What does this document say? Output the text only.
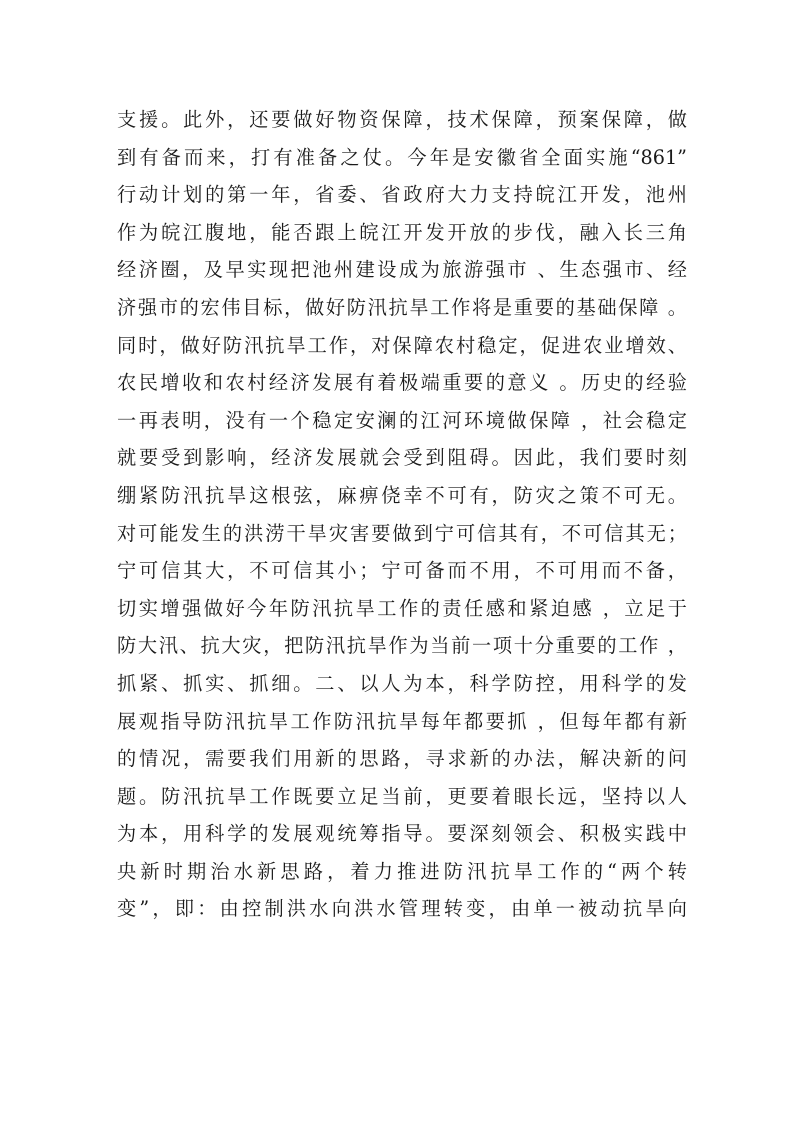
支援。此外，还要做好物资保障，技术保障，预案保障，做
到有备而来，打有准备之仗。今年是安徽省全面实施“861”
行动计划的第一年，省委、省政府大力支持皖江开发，池州
作为皖江腹地，能否跟上皖江开发开放的步伐，融入长三角
经济圈，及早实现把池州建设成为旅游强市 、生态强市、经
济强市的宏伟目标，做好防汛抗旱工作将是重要的基础保障 。
同时，做好防汛抗旱工作，对保障农村稳定，促进农业增效、
农民增收和农村经济发展有着极端重要的意义 。历史的经验
一再表明，没有一个稳定安澜的江河环境做保障 ，社会稳定
就要受到影响，经济发展就会受到阻碍。因此，我们要时刻
绷紧防汛抗旱这根弦，麻痹侥幸不可有，防灾之策不可无。
对可能发生的洪涝干旱灾害要做到宁可信其有，不可信其无；
宁可信其大，不可信其小；宁可备而不用，不可用而不备，
切实增强做好今年防汛抗旱工作的责任感和紧迫感 ，立足于
防大汛、抗大灾，把防汛抗旱作为当前一项十分重要的工作 ，
抓紧、抓实、抓细。二、以人为本，科学防控，用科学的发
展观指导防汛抗旱工作防汛抗旱每年都要抓 ，但每年都有新
的情况，需要我们用新的思路，寻求新的办法，解决新的问
题。防汛抗旱工作既要立足当前，更要着眼长远，坚持以人
为本，用科学的发展观统筹指导。要深刻领会、积极实践中
央新时期治水新思路，着力推进防汛抗旱工作的“两个转
变”，即：由控制洪水向洪水管理转变，由单一被动抗旱向
